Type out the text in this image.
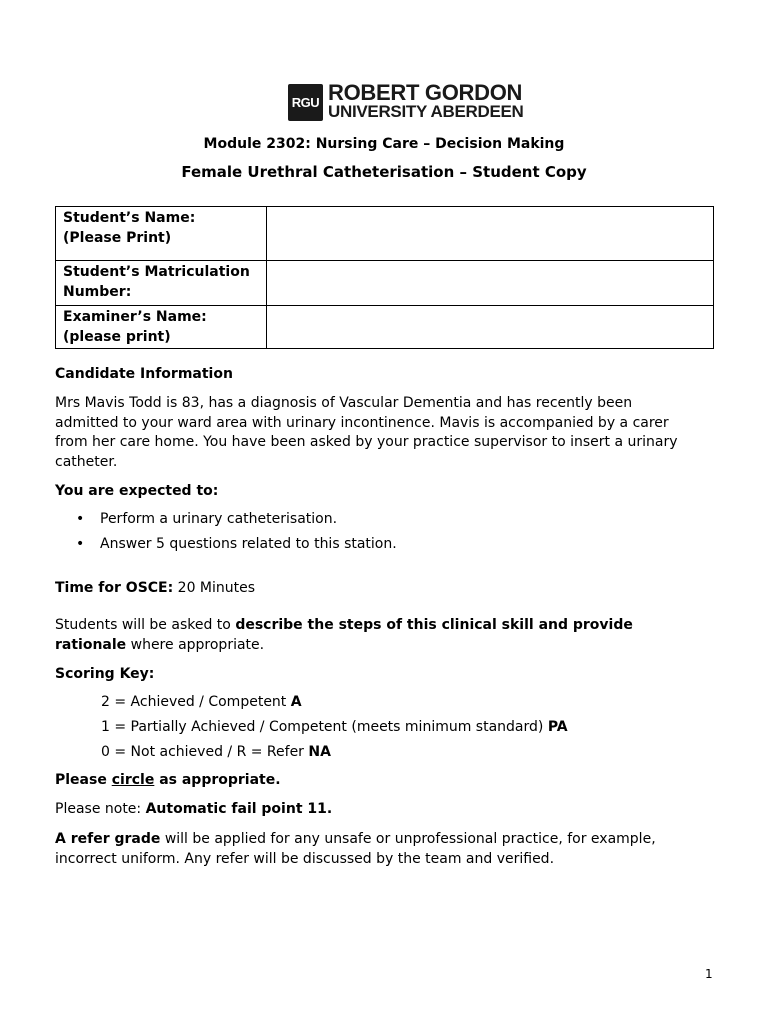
RGU ROBERT GORDON
UNIVERSITY ABERDEEN
Module 2302: Nursing Care – Decision Making
Female Urethral Catheterisation – Student Copy
Student’s Name:
(Please Print)	

Student’s Matriculation
Number:	

Examiner’s Name:
(please print)	

Candidate Information

Mrs Mavis Todd is 83, has a diagnosis of Vascular Dementia and has recently been
admitted to your ward area with urinary incontinence. Mavis is accompanied by a carer
from her care home. You have been asked by your practice supervisor to insert a urinary
catheter.

You are expected to:

• Perform a urinary catheterisation.
• Answer 5 questions related to this station.

Time for OSCE: 20 Minutes

Students will be asked to describe the steps of this clinical skill and provide
rationale where appropriate.

Scoring Key:

2 = Achieved / Competent A

1 = Partially Achieved / Competent (meets minimum standard) PA

0 = Not achieved / R = Refer NA

Please circle as appropriate.

Please note: Automatic fail point 11.

A refer grade will be applied for any unsafe or unprofessional practice, for example,
incorrect uniform. Any refer will be discussed by the team and verified.

1
